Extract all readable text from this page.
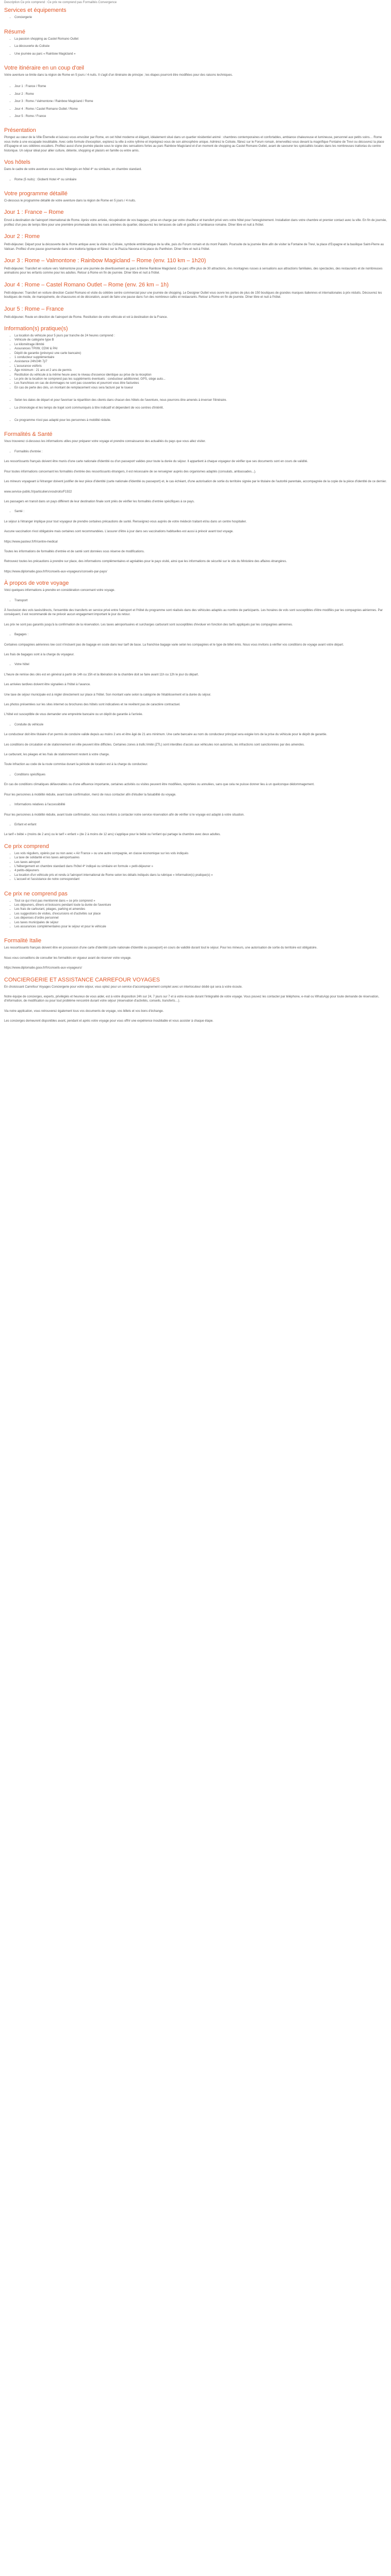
Description Ce prix comprend : Ce prix ne comprend pas Formalités Convergence

Services et équipements
• Conciergerie
Résumé
• La passion shopping au Castel Romano Outlet
• La découverte du Colisée
• Une journée au parc « Rainbow Magicland »
Votre itinéraire en un coup d'œil

Votre aventure se limite dans la région de Rome en 5 jours / 4 nuits. Il s'agit d'un itinéraire de principe ; les étapes pourront être modifiées pour des raisons techniques.

• Jour 1 : France / Rome
• Jour 2 : Rome
• Jour 3 : Rome / Valmontone / Rainbow Magicland / Rome
• Jour 4 : Rome / Castel Romano Outlet / Rome
• Jour 5 : Rome / France
Présentation

Plongez au cœur de la Ville Éternelle et laissez-vous envoûter par Rome, en cet hôtel moderne et élégant, idéalement situé dans un quartier résidentiel animé : chambres contemporaines et confortables, ambiance chaleureuse et lumineuse, personnel aux petits soins… Rome vous invite à une escapade inoubliable. Avec cette formule d'exception, explorez la ville à votre rythme et imprégnez-vous de son atmosphère unique. Admirez le Colisée, flânez sur le Forum romain, émerveillez-vous devant la magnifique Fontaine de Trevi ou découvrez la place d'Espagne et ses célèbres escaliers. Profitez aussi d'une journée placée sous le signe des sensations fortes au parc Rainbow Magicland et d'un moment de shopping au Castel Romano Outlet, avant de savourer les spécialités locales dans les nombreuses trattorias du centre historique. Un séjour idéal pour allier culture, détente, shopping et plaisirs en famille ou entre amis.

Vos hôtels

Dans le cadre de votre aventure vous serez hébergés en hôtel 4* ou similaire, en chambre standard.

▪ Rome (5 nuits) : Gioberti Hotel 4* ou similaire
Votre programme détaillé

Ci-dessous le programme détaillé de votre aventure dans la région de Rome en 5 jours / 4 nuits.

Jour 1 : France – Rome

Envol à destination de l'aéroport international de Rome. Après votre arrivée, récupération de vos bagages, prise en charge par votre chauffeur et transfert privé vers votre hôtel pour l'enregistrement. Installation dans votre chambre et premier contact avec la ville. En fin de journée, profitez d'un peu de temps libre pour une première promenade dans les rues animées du quartier, découvrez les terrasses de café et goûtez à l'ambiance romaine. Dîner libre et nuit à l'hôtel.

Jour 2 : Rome

Petit-déjeuner. Départ pour la découverte de la Rome antique avec la visite du Colisée, symbole emblématique de la ville, puis du Forum romain et du mont Palatin. Poursuite de la journée libre afin de visiter la Fontaine de Trevi, la place d'Espagne et la basilique Saint-Pierre au Vatican. Profitez d'une pause gourmande dans une trattoria typique et flânez sur la Piazza Navona et la place du Panthéon. Dîner libre et nuit à l'hôtel.

Jour 3 : Rome – Valmontone : Rainbow Magicland – Rome (env. 110 km – 1h20)

Petit-déjeuner. Transfert en voiture vers Valmontone pour une journée de divertissement au parc à thème Rainbow Magicland. Ce parc offre plus de 30 attractions, des montagnes russes à sensations aux attractions familiales, des spectacles, des restaurants et de nombreuses animations pour les enfants comme pour les adultes. Retour à Rome en fin de journée. Dîner libre et nuit à l'hôtel.

Jour 4 : Rome – Castel Romano Outlet – Rome (env. 26 km – 1h)

Petit-déjeuner. Transfert en voiture direction Castel Romano et visite du célèbre centre commercial pour une journée de shopping. Le Designer Outlet vous ouvre les portes de plus de 150 boutiques de grandes marques italiennes et internationales à prix réduits. Découvrez les boutiques de mode, de maroquinerie, de chaussures et de décoration, avant de faire une pause dans l'un des nombreux cafés et restaurants. Retour à Rome en fin de journée. Dîner libre et nuit à l'hôtel.

Jour 5 : Rome – France

Petit-déjeuner. Route en direction de l'aéroport de Rome. Restitution de votre véhicule et vol à destination de la France.

Information(s) pratique(s)
• La location du véhicule pour 5 jours par tranche de 24 heures comprend :
• Véhicule de catégorie type B
• Le kilométrage illimité
• Assurances TPI/W, CDW & PAI
• Dépôt de garantie (prévoyez une carte bancaire)
• 1 conducteur supplémentaire
• Assistance 24h/24h 7j/7
• L'assurance vol/bris
• Âge minimum : 21 ans et 2 ans de permis
• Restitution du véhicule à la même heure avec le niveau d'essence identique au prise de la réception
• Le prix de la location ne comprend pas les suppléments éventuels : conducteur additionnel, GPS, siège auto...
• Les franchises en cas de dommages ne sont pas couvertes et pourront vous être facturées
• En cas de perte des clés, un montant de remplacement vous sera facturé par le loueur
• Selon les dates de départ et pour favoriser la répartition des clients dans chacun des hôtels de l'aventure, nous pourrons être amenés à inverser l'itinéraire.
• La chronologie et les temps de trajet sont communiqués à titre indicatif et dépendent de vos centres d'intérêt.
• Ce programme n'est pas adapté pour les personnes à mobilité réduite.
Formalités & Santé

Vous trouverez ci-dessous les informations utiles pour préparer votre voyage et prendre connaissance des actualités du pays que vous allez visiter.

• Formalités d'entrée :

Les ressortissants français doivent être munis d'une carte nationale d'identité ou d'un passeport valides pour toute la durée du séjour. Il appartient à chaque voyageur de vérifier que ses documents sont en cours de validité.

Pour toutes informations concernant les formalités d'entrée des ressortissants étrangers, il est nécessaire de se renseigner auprès des organismes adaptés (consulats, ambassades...).

Les mineurs voyageant à l'étranger doivent justifier de leur pièce d'identité (carte nationale d'identité ou passeport) et, le cas échéant, d'une autorisation de sortie du territoire signée par le titulaire de l'autorité parentale, accompagnée de la copie de la pièce d'identité de ce dernier.

www.service-public.fr/particuliers/vosdroits/F1922

Les passagers en transit dans un pays différent de leur destination finale sont priés de vérifier les formalités d'entrée spécifiques à ce pays.

• Santé :

Le séjour à l'étranger implique pour tout voyageur de prendre certaines précautions de santé. Renseignez-vous auprès de votre médecin traitant et/ou dans un centre hospitalier.

Aucune vaccination n'est obligatoire mais certaines sont recommandées. L'assurer d'être à jour dans ses vaccinations habituelles est aussi à prévoir avant tout voyage.

https://www.pasteur.fr/fr/centre-medical

Toutes les informations de formalités d'entrée et de santé sont données sous réserve de modifications.

Retrouvez toutes les précautions à prendre sur place, des informations complémentaires et agréables pour le pays visité, ainsi que les informations de sécurité sur le site du Ministère des affaires étrangères.

https://www.diplomatie.gouv.fr/fr/conseils-aux-voyageurs/conseils-par-pays/

À propos de votre voyage

Voici quelques informations à prendre en considération concernant votre voyage.

• Transport

À l'exclusion des vols taxés/directs, l'ensemble des transferts en service privé entre l'aéroport et l'hôtel du programme sont réalisés dans des véhicules adaptés au nombre de participants. Les horaires de vols sont susceptibles d'être modifiés par les compagnies aériennes. Par conséquent, il est recommandé de ne prévoir aucun engagement important le jour du retour.

Les prix ne sont pas garantis jusqu'à la confirmation de la réservation. Les taxes aéroportuaires et surcharges carburant sont susceptibles d'évoluer en fonction des tarifs appliqués par les compagnies aériennes.

• Bagages :

Certaines compagnies aériennes low cost n'incluent pas de bagage en soute dans leur tarif de base. La franchise bagage varie selon les compagnies et le type de billet émis. Nous vous invitons à vérifier vos conditions de voyage avant votre départ.

Les frais de bagages sont à la charge du voyageur.

• Votre hôtel

L'heure de remise des clés est en général à partir de 14h ou 15h et la libération de la chambre doit se faire avant 11h ou 12h le jour du départ.

Les arrivées tardives doivent être signalées à l'hôtel à l'avance.

Une taxe de séjour municipale est à régler directement sur place à l'hôtel. Son montant varie selon la catégorie de l'établissement et la durée du séjour.

Les photos présentées sur les sites internet ou brochures des hôtels sont indicatives et ne revêtent pas de caractère contractuel.

L'hôtel est susceptible de vous demander une empreinte bancaire ou un dépôt de garantie à l'arrivée.

• Conduite du véhicule

Le conducteur doit être titulaire d'un permis de conduire valide depuis au moins 2 ans et être âgé de 21 ans minimum. Une carte bancaire au nom du conducteur principal sera exigée lors de la prise du véhicule pour le dépôt de garantie.

Les conditions de circulation et de stationnement en ville peuvent être difficiles. Certaines zones à trafic limité (ZTL) sont interdites d'accès aux véhicules non autorisés, les infractions sont sanctionnées par des amendes.

Le carburant, les péages et les frais de stationnement restent à votre charge.

Toute infraction au code de la route commise durant la période de location est à la charge du conducteur.

• Conditions spécifiques

En cas de conditions climatiques défavorables ou d'une affluence importante, certaines activités ou visites peuvent être modifiées, reportées ou annulées, sans que cela ne puisse donner lieu à un quelconque dédommagement.

Pour les personnes à mobilité réduite, avant toute confirmation, merci de nous contacter afin d'étudier la faisabilité du voyage.

• Informations relatives à l'accessibilité

Pour les personnes à mobilité réduite, avant toute confirmation, nous vous invitons à contacter notre service réservation afin de vérifier si le voyage est adapté à votre situation.

• Enfant et enfant

Le tarif « bébé » (moins de 2 ans) ou le tarif « enfant » (de 2 à moins de 12 ans) s'applique pour le bébé ou l'enfant qui partage la chambre avec deux adultes.

Ce prix comprend
• Les vols réguliers, opérés par ou non avec « Air France » ou une autre compagnie, en classe économique sur les vols indiqués
• La taxe de solidarité et les taxes aéroportuaires
• Les taxes aéroport
• L'hébergement en chambre standard dans l'hôtel 4* indiqué ou similaire en formule « petit-déjeuner »
• 4 petits-déjeuners
• La location d'un véhicule pris et rendu à l'aéroport international de Rome selon les détails indiqués dans la rubrique « Information(s) pratique(s) »
• L'accueil et l'assistance de notre correspondant
Ce prix ne comprend pas
• Tout ce qui n'est pas mentionné dans « ce prix comprend »
• Les déjeuners, dîners et boissons pendant toute la durée de l'aventure
• Les frais de carburant, péages, parking et amendes
• Les suggestions de visites, d'excursions et d'activités sur place
• Les dépenses d'ordre personnel
• Les taxes municipales de séjour
• Les assurances complémentaires pour le séjour et pour le véhicule
Formalité Italie

Les ressortissants français doivent être en possession d'une carte d'identité (carte nationale d'identité ou passeport) en cours de validité durant tout le séjour. Pour les mineurs, une autorisation de sortie du territoire est obligatoire.

Nous vous conseillons de consulter les formalités en vigueur avant de réserver votre voyage.

https://www.diplomatie.gouv.fr/fr/conseils-aux-voyageurs/

CONCIERGERIE ET ASSISTANCE CARREFOUR VOYAGES

En choisissant Carrefour Voyages Conciergerie pour votre séjour, vous optez pour un service d'accompagnement complet avec un interlocuteur dédié qui sera à votre écoute.

Notre équipe de concierges, experts, privilégiés et heureux de vous aider, est à votre disposition 24h sur 24, 7 jours sur 7 et à votre écoute durant l'intégralité de votre voyage. Vous pouvez les contacter par téléphone, e-mail ou WhatsApp pour toute demande de réservation, d'information, de modification ou pour tout problème rencontré durant votre séjour (réservation d'activités, conseils, transferts…).

Via notre application, vous retrouverez également tous vos documents de voyage, vos billets et vos bons d'échange.

Les concierges demeurent disponibles avant, pendant et après votre voyage pour vous offrir une expérience inoubliable et vous assister à chaque étape.
